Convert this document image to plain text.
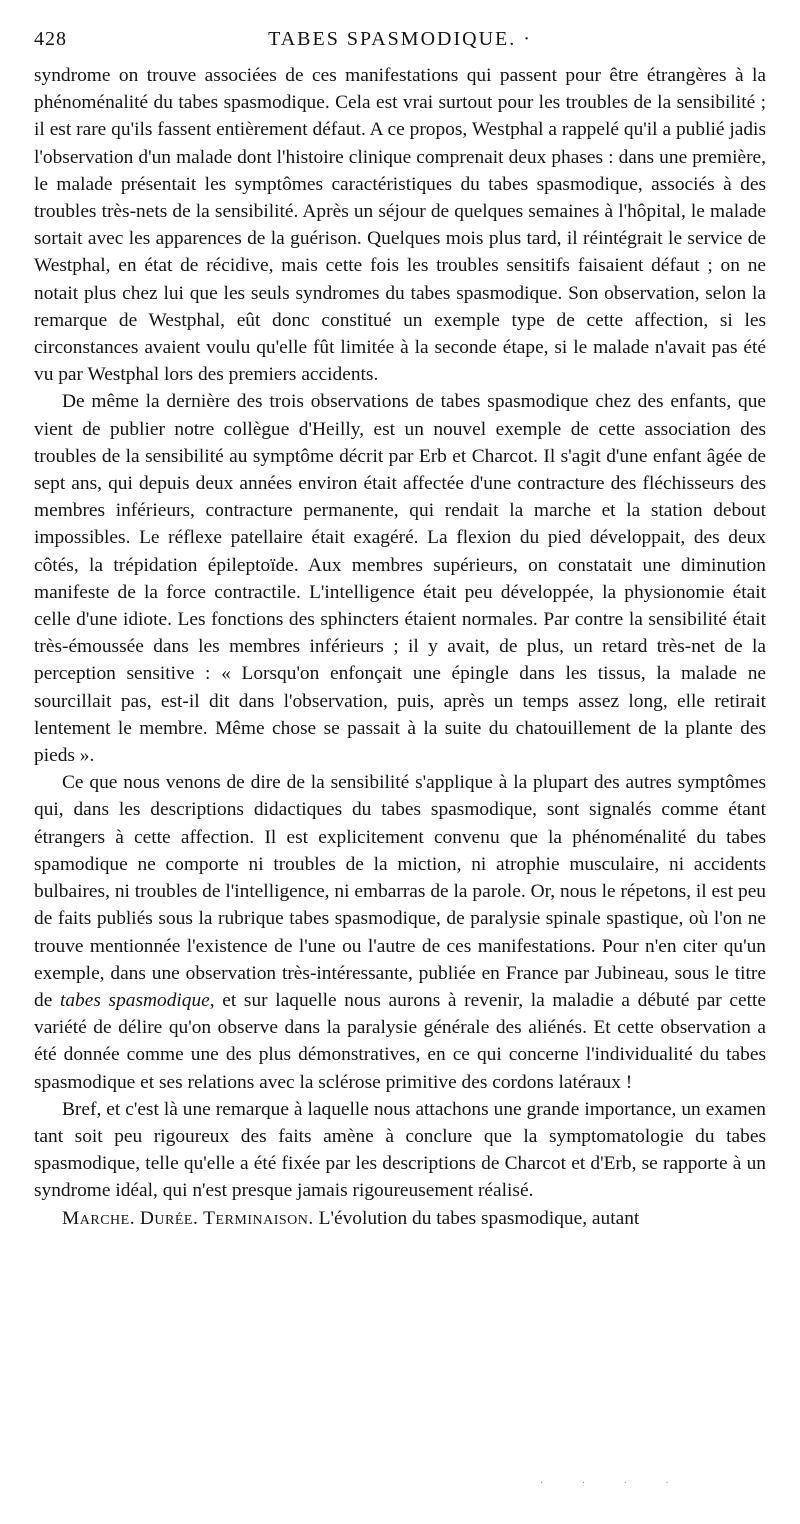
428	TABES SPASMODIQUE. ·

syndrome on trouve associées de ces manifestations qui passent pour être étrangères à la phénoménalité du tabes spasmodique. Cela est vrai surtout pour les troubles de la sensibilité ; il est rare qu'ils fassent entièrement défaut. A ce propos, Westphal a rappelé qu'il a publié jadis l'observation d'un malade dont l'histoire clinique comprenait deux phases : dans une première, le malade présentait les symptômes caractéristiques du tabes spasmodique, associés à des troubles très-nets de la sensibilité. Après un séjour de quelques semaines à l'hôpital, le malade sortait avec les apparences de la guérison. Quelques mois plus tard, il réintégrait le service de Westphal, en état de récidive, mais cette fois les troubles sensitifs faisaient défaut ; on ne notait plus chez lui que les seuls syndromes du tabes spasmodique. Son observation, selon la remarque de Westphal, eût donc constitué un exemple type de cette affection, si les circonstances avaient voulu qu'elle fût limitée à la seconde étape, si le malade n'avait pas été vu par Westphal lors des premiers accidents.

De même la dernière des trois observations de tabes spasmodique chez des enfants, que vient de publier notre collègue d'Heilly, est un nouvel exemple de cette association des troubles de la sensibilité au symptôme décrit par Erb et Charcot. Il s'agit d'une enfant âgée de sept ans, qui depuis deux années environ était affectée d'une contracture des fléchisseurs des membres inférieurs, contracture permanente, qui rendait la marche et la station debout impossibles. Le réflexe patellaire était exagéré. La flexion du pied développait, des deux côtés, la trépidation épileptoïde. Aux membres supérieurs, on constatait une diminution manifeste de la force contractile. L'intelligence était peu développée, la physionomie était celle d'une idiote. Les fonctions des sphincters étaient normales. Par contre la sensibilité était très-émoussée dans les membres inférieurs ; il y avait, de plus, un retard très-net de la perception sensitive : « Lorsqu'on enfonçait une épingle dans les tissus, la malade ne sourcillait pas, est-il dit dans l'observation, puis, après un temps assez long, elle retirait lentement le membre. Même chose se passait à la suite du chatouillement de la plante des pieds ».

Ce que nous venons de dire de la sensibilité s'applique à la plupart des autres symptômes qui, dans les descriptions didactiques du tabes spasmodique, sont signalés comme étant étrangers à cette affection. Il est explicitement convenu que la phénoménalité du tabes spamodique ne comporte ni troubles de la miction, ni atrophie musculaire, ni accidents bulbaires, ni troubles de l'intelligence, ni embarras de la parole. Or, nous le répetons, il est peu de faits publiés sous la rubrique tabes spasmodique, de paralysie spinale spastique, où l'on ne trouve mentionnée l'existence de l'une ou l'autre de ces manifestations. Pour n'en citer qu'un exemple, dans une observation très-intéressante, publiée en France par Jubineau, sous le titre de tabes spasmodique, et sur laquelle nous aurons à revenir, la maladie a débuté par cette variété de délire qu'on observe dans la paralysie générale des aliénés. Et cette observation a été donnée comme une des plus démonstratives, en ce qui concerne l'individualité du tabes spasmodique et ses relations avec la sclérose primitive des cordons latéraux !

Bref, et c'est là une remarque à laquelle nous attachons une grande importance, un examen tant soit peu rigoureux des faits amène à conclure que la symptomatologie du tabes spasmodique, telle qu'elle a été fixée par les descriptions de Charcot et d'Erb, se rapporte à un syndrome idéal, qui n'est presque jamais rigoureusement réalisé.

Marche. Durée. Terminaison. L'évolution du tabes spasmodique, autant

· · · ·
